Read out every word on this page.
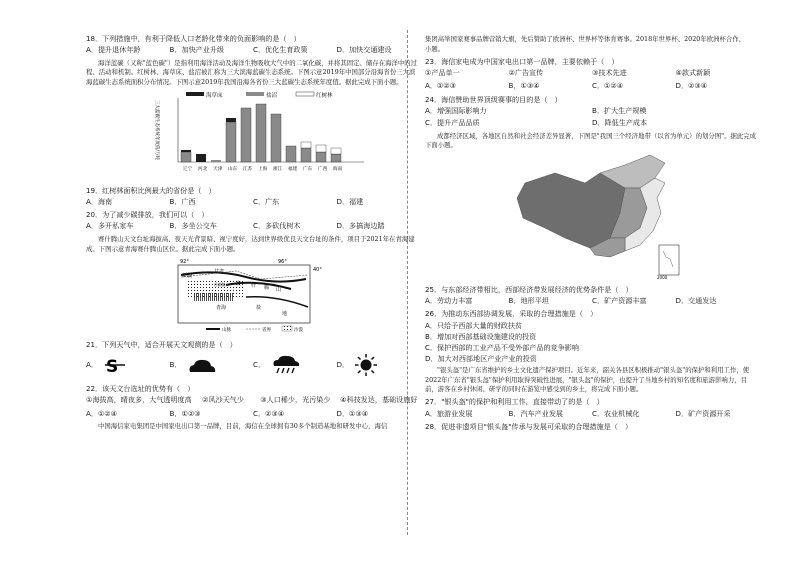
18．下列措施中，有利于降低人口老龄化带来的负面影响的是（　）

A．提升退休年龄	B．加快产业升级	C．优化生育政策	D．加快交通建设
海洋蓝碳（又称"蓝色碳"）是指利用海洋活动及海洋生物吸收大气中的二氧化碳，并将其固定、储存在海洋中的过程、活动和机制。红树林、海草床、盐沼被汇称为三大滨海蓝碳生态系统。下图示意2019年中国部分沿海省份三大滨海蓝碳生态系统面积分布情况。下图示意2019年我国沿海各省份三大蓝碳生态系统年度值。据此完成下面小题。
海草床	盐沼	红树林
三大蓝碳生态系统年度值/万吨
辽宁 河北 天津 山东 江苏 上海 浙江 福建 广东 广西 海南

19．红树林面积比例最大的省份是（　）

A．海南	B．广西	C．广东	D．福建

20．为了减少碳排放，我们可以（　）

A．多开私家车	B．多坐公交车	C．多砍伐树木	D．多搞海边踏
赛什腾山天文台址海拔高、夜天光背景暗、视宁度好，达到世界级优良天文台址的条件，项目于2021年在青海建成。下图示意青海赛什腾山区位。据此完成下面小题。
92°	96°
40°
新疆
甘肃
赛 什 腾 山
青海	盐
地
冷湖镇
山脉	省界	沙漠

21．下列天气中，适合开展天文观测的是（　）

A． S	B．	C．	D．

22．该天文台选址的优势有（　）

①海拔高，晴夜多，大气透明度高	②风沙天气少	③人口稀少，光污染少	④科技发达，基础设施好
A．①②④	B．①②③	C．②③④	D．①③④
中国海信家电集团是中国家电出口第一品牌，目前，海信在全球拥有30多个制造基地和研发中心，海信
集团高举国家赛事品牌营销大旗，先后赞助了欧洲杯、世界杯等体育赛事。2018年世界杯、2020年欧洲杯合作，
小题。

23．海信家电成为中国家电出口第一品牌，主要依赖于（　）

①产品单一	②广告宣传	③技术先进	④款式新颖
A．①②③	B．①③④	C．①②④	D．②③④

24．海信赞助世界顶级赛事的目的是（　）

A．增强国际影响力	B．扩大生产规模
C．提升产品品质	D．降低生产成本
成都经济区域，各地区自然和社会经济差异显著，下图是"我国三个经济地带（以省为单元）的划分图"。据此完成下面小题。
2000

25．与东部经济带相比，西部经济带发展经济的优势条件是（　）

A．劳动力丰富	B．地形平坦	C．矿产资源丰富	D．交通发达

26．为推动东西部协调发展，采取的合理措施是（　）

A．只给予西部大量的财政扶贫
B．增加对西部基础设施建设的投资
C．保护西部的工业产品不受外部产品的竞争影响
D．加大对西部地区产业产业的投资
"银头盔"是广东省维护的乡土文化遗产保护项目。近年来，韶关各县区积极推动"银头盔"的保护和利用工作，使2022年广东省"银头盔"保护利用取得突破性进展，"银头盔"的保护，也提升了当地乡村的知名度和旅游影响力，目前，游客在乡村休闲、研学的同时在游览中感受到的乡土，将完成下面小题。

27．"银头盔"的保护和利用工作，直接带动了的是（　）

A．旅游业发展	B．汽车产业发展	C．农业机械化	D．矿产资源开采

28．促进非遗项目"银头盔"传承与发展可采取的合理措施是（　）
